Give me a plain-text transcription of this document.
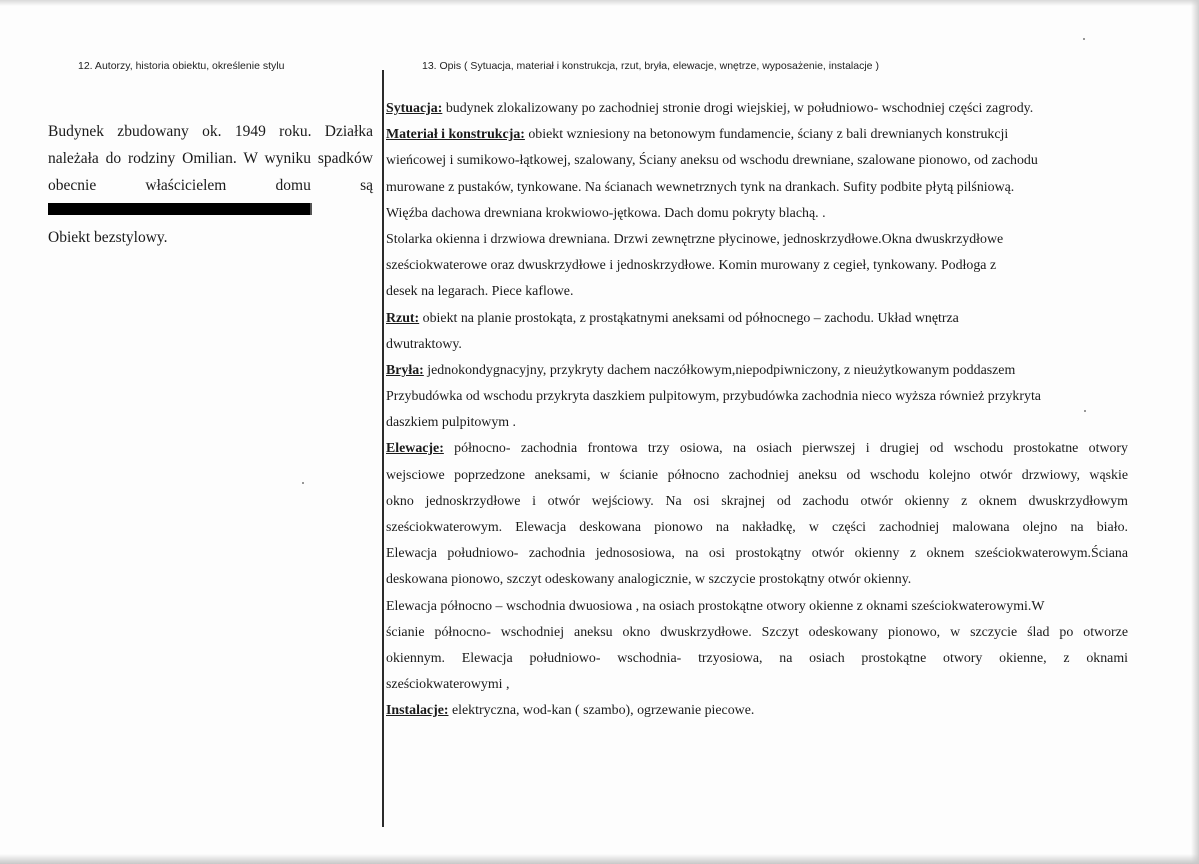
12. Autorzy, historia obiektu, określenie stylu	13. Opis ( Sytuacja, materiał i konstrukcja, rzut, bryła, elewacje, wnętrze, wyposażenie, instalacje )

Budynek zbudowany ok. 1949 roku. Działka należała do rodziny Omilian. W wyniku spadków obecnie właścicielem domu są

Obiekt bezstylowy.

Sytuacja: budynek zlokalizowany po zachodniej stronie drogi wiejskiej, w południowo- wschodniej części zagrody.
Materiał i konstrukcja: obiekt wzniesiony na betonowym fundamencie, ściany z bali drewnianych konstrukcji
wieńcowej i sumikowo-łątkowej, szalowany, Ściany aneksu od wschodu drewniane, szalowane pionowo, od zachodu
murowane z pustaków, tynkowane. Na ścianach wewnetrznych tynk na drankach. Sufity podbite płytą pilśniową.
Więźba dachowa drewniana krokwiowo-jętkowa. Dach domu pokryty blachą. .
Stolarka okienna i drzwiowa drewniana. Drzwi zewnętrzne płycinowe, jednoskrzydłowe.Okna dwuskrzydłowe
sześciokwaterowe oraz dwuskrzydłowe i jednoskrzydłowe. Komin murowany z cegieł, tynkowany. Podłoga z
desek na legarach. Piece kaflowe.
Rzut: obiekt na planie prostokąta, z prostąkatnymi aneksami od północnego – zachodu. Układ wnętrza
dwutraktowy.
Bryła: jednokondygnacyjny, przykryty dachem naczółkowym,niepodpiwniczony, z nieużytkowanym poddaszem
Przybudówka od wschodu przykryta daszkiem pulpitowym, przybudówka zachodnia nieco wyższa również przykryta
daszkiem pulpitowym .
Elewacje: północno- zachodnia frontowa trzy osiowa, na osiach pierwszej i drugiej od wschodu prostokatne otwory
wejsciowe poprzedzone aneksami, w ścianie północno zachodniej aneksu od wschodu kolejno otwór drzwiowy, wąskie
okno jednoskrzydłowe i otwór wejściowy. Na osi skrajnej od zachodu otwór okienny z oknem dwuskrzydłowym
sześciokwaterowym. Elewacja deskowana pionowo na nakładkę, w części zachodniej malowana olejno na biało.
Elewacja południowo- zachodnia jednososiowa, na osi prostokątny otwór okienny z oknem sześciokwaterowym.Ściana
deskowana pionowo, szczyt odeskowany analogicznie, w szczycie prostokątny otwór okienny.
Elewacja północno – wschodnia dwuosiowa , na osiach prostokątne otwory okienne z oknami sześciokwaterowymi.W
ścianie północno- wschodniej aneksu okno dwuskrzydłowe. Szczyt odeskowany pionowo, w szczycie ślad po otworze
okiennym. Elewacja południowo- wschodnia- trzyosiowa, na osiach prostokątne otwory okienne, z oknami
sześciokwaterowymi ,
Instalacje: elektryczna, wod-kan ( szambo), ogrzewanie piecowe.
